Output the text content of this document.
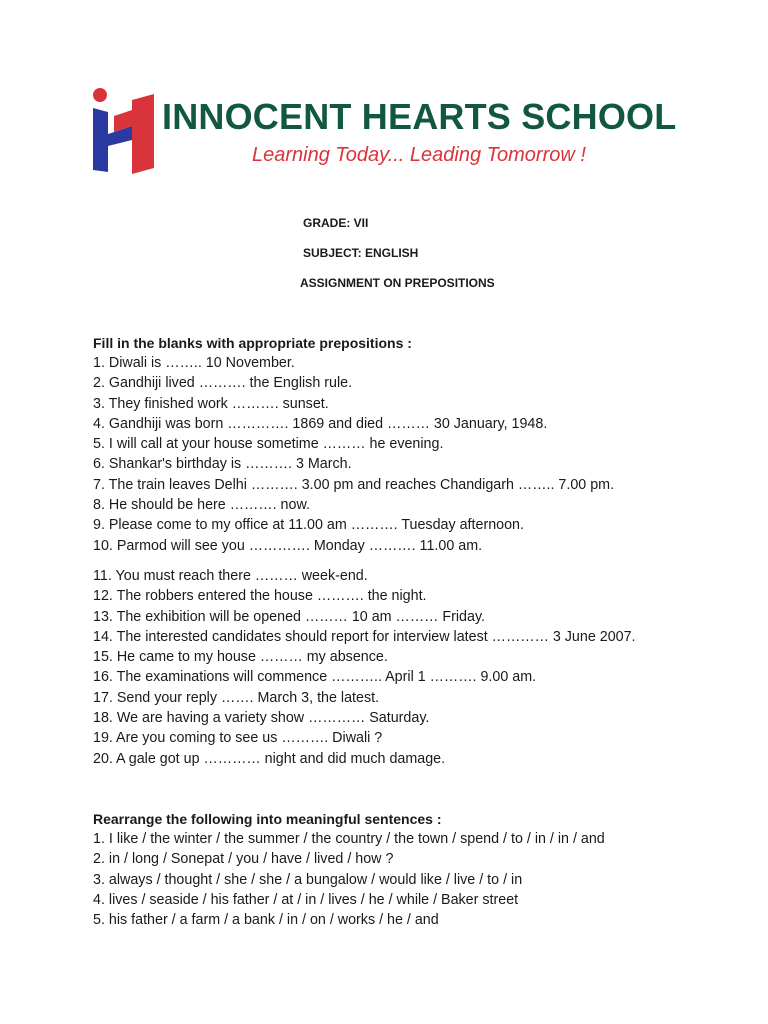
INNOCENT HEARTS SCHOOL
Learning Today... Leading Tomorrow !
GRADE: VII
SUBJECT: ENGLISH
ASSIGNMENT ON PREPOSITIONS
Fill in the blanks with appropriate prepositions :
1. Diwali is …….. 10 November.
2. Gandhiji lived ………. the English rule.
3. They finished work ………. sunset.
4. Gandhiji was born …………. 1869 and died ……… 30 January, 1948.
5. I will call at your house sometime ……… he evening.
6. Shankar's birthday is ………. 3 March.
7. The train leaves Delhi ………. 3.00 pm and reaches Chandigarh …….. 7.00 pm.
8. He should be here ………. now.
9. Please come to my office at 11.00 am ………. Tuesday afternoon.
10. Parmod will see you …………. Monday ………. 11.00 am.
11. You must reach there ……… week-end.
12. The robbers entered the house ………. the night.
13. The exhibition will be opened ……… 10 am ……… Friday.
14. The interested candidates should report for interview latest ………… 3 June 2007.
15. He came to my house ……… my absence.
16. The examinations will commence ……….. April 1 ………. 9.00 am.
17. Send your reply ……. March 3, the latest.
18. We are having a variety show ………… Saturday.
19. Are you coming to see us ………. Diwali ?
20. A gale got up ………… night and did much damage.
Rearrange the following into meaningful sentences :
1. I like / the winter / the summer / the country / the town / spend / to / in / in / and
2. in / long / Sonepat / you / have / lived / how ?
3. always / thought / she / she / a bungalow / would like / live / to / in
4. lives / seaside / his father / at / in / lives / he / while / Baker street
5. his father / a farm / a bank / in / on / works / he / and
